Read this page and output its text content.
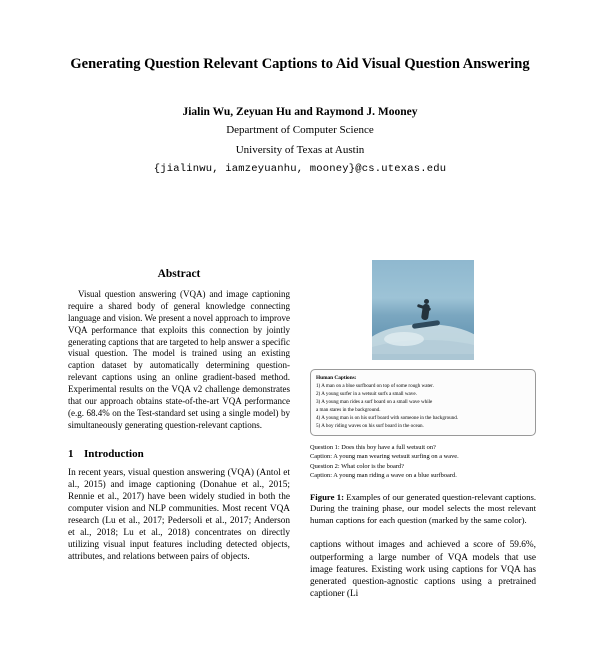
Generating Question Relevant Captions to Aid Visual Question Answering
Jialin Wu, Zeyuan Hu and Raymond J. Mooney
Department of Computer Science
University of Texas at Austin
{jialinwu, iamzeyuanhu, mooney}@cs.utexas.edu
Abstract

Visual question answering (VQA) and image captioning require a shared body of general knowledge connecting language and vision. We present a novel approach to improve VQA performance that exploits this connection by jointly generating captions that are targeted to help answer a specific visual question. The model is trained using an existing caption dataset by automatically determining question-relevant captions using an online gradient-based method. Experimental results on the VQA v2 challenge demonstrates that our approach obtains state-of-the-art VQA performance (e.g. 68.4% on the Test-standard set using a single model) by simultaneously generating question-relevant captions.

1 Introduction

In recent years, visual question answering (VQA) (Antol et al., 2015) and image captioning (Donahue et al., 2015; Rennie et al., 2017) have been widely studied in both the computer vision and NLP communities. Most recent VQA research (Lu et al., 2017; Pedersoli et al., 2017; Anderson et al., 2018; Lu et al., 2018) concentrates on directly utilizing visual input features including detected objects, attributes, and relations between pairs of objects.

Human Captions:
1) A man on a blue surfboard on top of some rough water.
2) A young surfer in a wetsuit surfs a small wave.
3) A young man rides a surf board on a small wave while
a man stares in the background.
4) A young man is on his surf board with someone in the background.
5) A boy riding waves on his surf board in the ocean.
Question 1: Does this boy have a full wetsuit on?
Caption: A young man wearing wetsuit surfing on a wave.
Question 2: What color is the board?
Caption: A young man riding a wave on a blue surfboard.
Figure 1: Examples of our generated question-relevant captions. During the training phase, our model selects the most relevant human captions for each question (marked by the same color).

captions without images and achieved a score of 59.6%, outperforming a large number of VQA models that use image features. Existing work using captions for VQA has generated question-agnostic captions using a pretrained captioner (Li
